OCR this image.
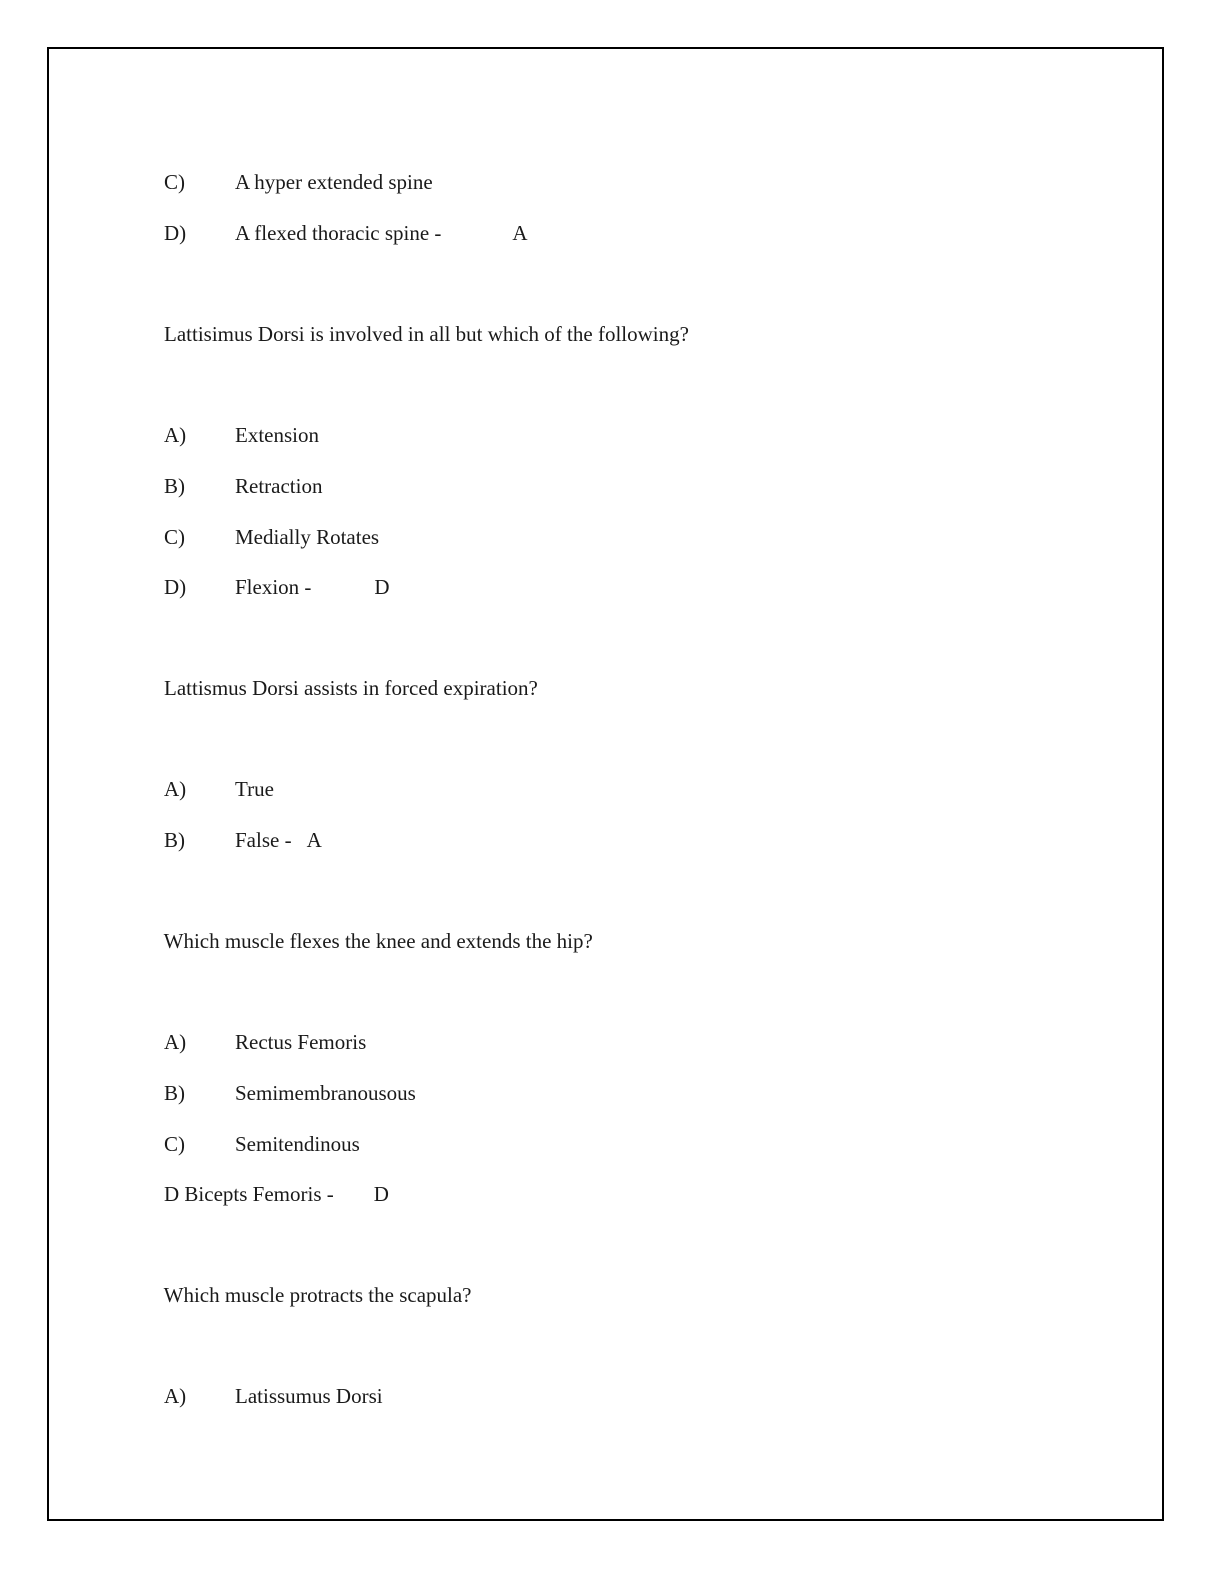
C) A hyper extended spine

D) A flexed thoracic spine -	A

Lattisimus Dorsi is involved in all but which of the following?

A) Extension

B) Retraction

C) Medially Rotates

D) Flexion -	D

Lattismus Dorsi assists in forced expiration?

A) True

B) False - A

Which muscle flexes the knee and extends the hip?

A) Rectus Femoris

B) Semimembranousous

C) Semitendinous

D Bicepts Femoris - D

Which muscle protracts the scapula?

A) Latissumus Dorsi
